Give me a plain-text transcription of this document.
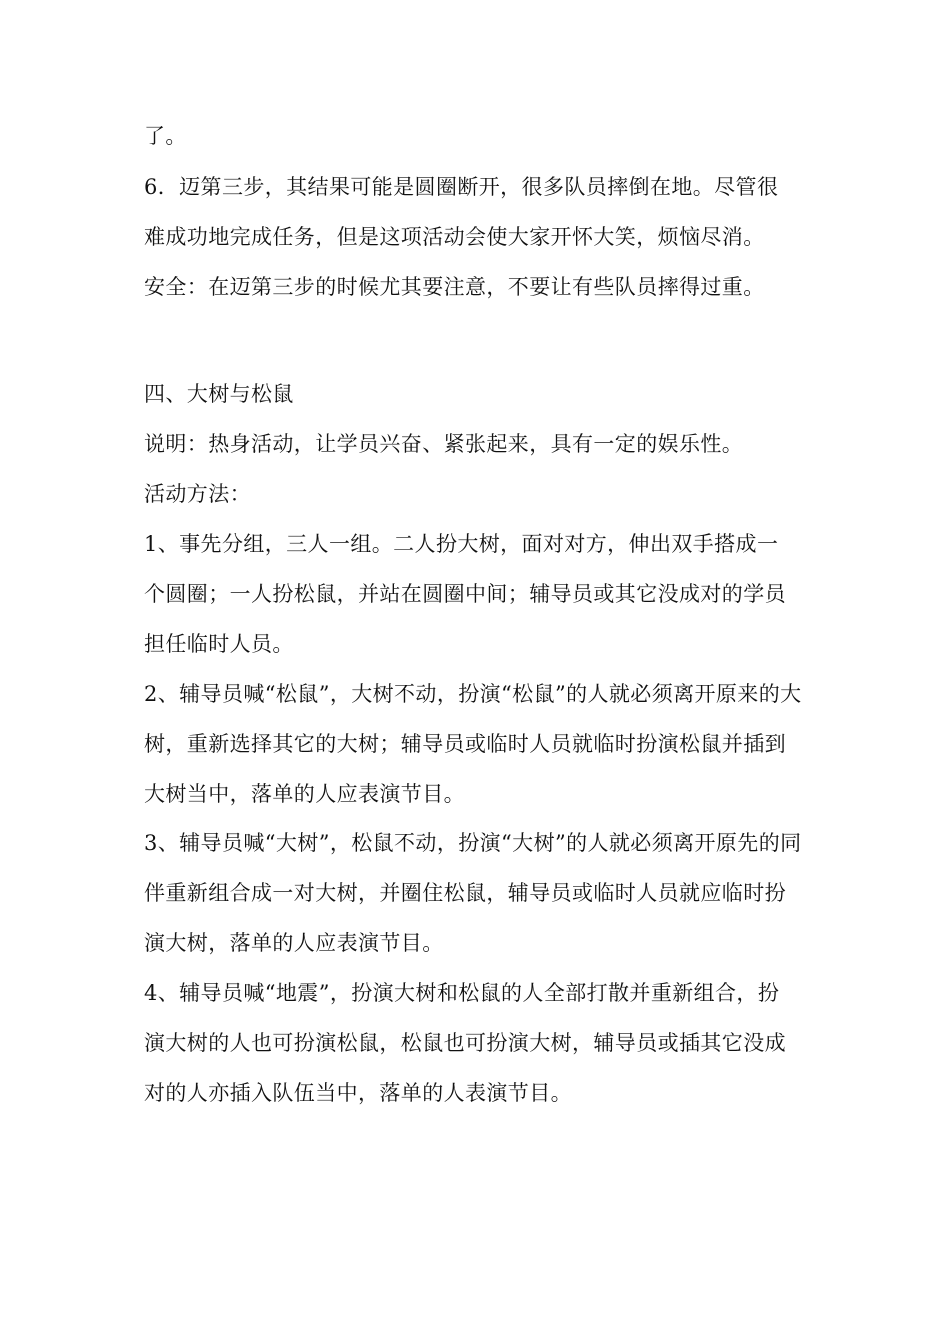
了。
6．迈第三步，其结果可能是圆圈断开，很多队员摔倒在地。尽管很
难成功地完成任务，但是这项活动会使大家开怀大笑，烦恼尽消。
安全：在迈第三步的时候尤其要注意，不要让有些队员摔得过重。
四、大树与松鼠
说明：热身活动，让学员兴奋、紧张起来，具有一定的娱乐性。
活动方法：
1、事先分组，三人一组。二人扮大树，面对对方，伸出双手搭成一
个圆圈；一人扮松鼠，并站在圆圈中间；辅导员或其它没成对的学员
担任临时人员。
2、辅导员喊“松鼠”，大树不动，扮演“松鼠”的人就必须离开原来的大
树，重新选择其它的大树；辅导员或临时人员就临时扮演松鼠并插到
大树当中，落单的人应表演节目。
3、辅导员喊“大树”，松鼠不动，扮演“大树”的人就必须离开原先的同
伴重新组合成一对大树，并圈住松鼠，辅导员或临时人员就应临时扮
演大树，落单的人应表演节目。
4、辅导员喊“地震”，扮演大树和松鼠的人全部打散并重新组合，扮
演大树的人也可扮演松鼠，松鼠也可扮演大树，辅导员或插其它没成
对的人亦插入队伍当中，落单的人表演节目。
